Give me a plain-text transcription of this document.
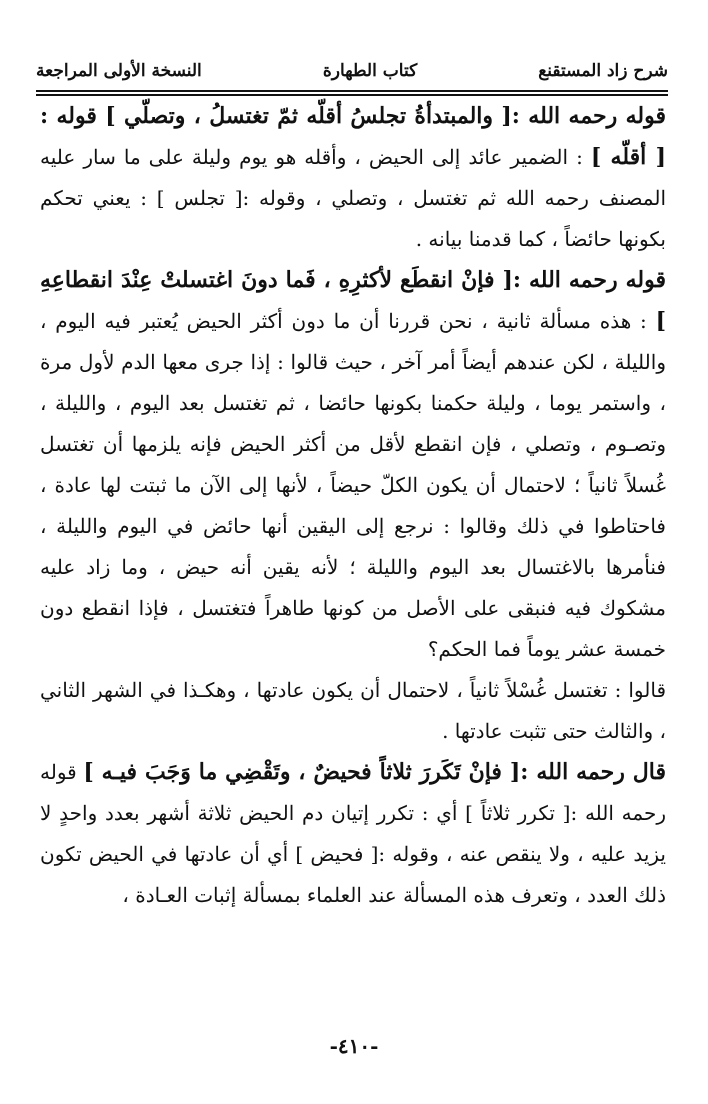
شرح زاد المستقنع
كتاب الطهارة
النسخة الأولى المراجعة

قوله رحمه الله :[ والمبتدأةُ تجلسُ أقلّه ثمّ تغتسلُ ، وتصلّي ] قوله :[ أقلّه ] : الضمير عائد إلى الحيض ، وأقله هو يوم وليلة على ما سار عليه المصنف رحمه الله ثم تغتسل ، وتصلي ، وقوله :[ تجلس ] : يعني تحكم بكونها حائضاً ، كما قدمنا بيانه .

قوله رحمه الله :[ فإنْ انقطَع لأكثرِهِ ، فَما دونَ اغتسلتْ عِنْدَ انقطاعِهِ ] : هذه مسألة ثانية ، نحن قررنا أن ما دون أكثر الحيض يُعتبر فيه اليوم ، والليلة ، لكن عندهم أيضاً أمر آخر ، حيث قالوا : إذا جرى معها الدم لأول مرة ، واستمر يوما ، وليلة حكمنا بكونها حائضا ، ثم تغتسل بعد اليوم ، والليلة ، وتصـوم ، وتصلي ، فإن انقطع لأقل من أكثر الحيض فإنه يلزمها أن تغتسل غُسلاً ثانياً ؛ لاحتمال أن يكون الكلّ حيضاً ، لأنها إلى الآن ما ثبتت لها عادة ، فاحتاطوا في ذلك وقالوا : نرجع إلى اليقين أنها حائض في اليوم والليلة ، فنأمرها بالاغتسال بعد اليوم والليلة ؛ لأنه يقين أنه حيض ، وما زاد عليه مشكوك فيه فنبقى على الأصل من كونها طاهراً فتغتسل ، فإذا انقطع دون خمسة عشر يوماً فما الحكم؟

قالوا : تغتسل غُسْلاً ثانياً ، لاحتمال أن يكون عادتها ، وهكـذا في الشهر الثاني ، والثالث حتى تثبت عادتها .

قال رحمه الله :[ فإنْ تَكَررَ ثلاثاً فحيضٌ ، وتَقْضِي ما وَجَبَ فيـه ] قوله رحمه الله :[ تكرر ثلاثاً ] أي : تكرر إتيان دم الحيض ثلاثة أشهر بعدد واحدٍ لا يزيد عليه ، ولا ينقص عنه ، وقوله :[ فحيض ] أي أن عادتها في الحيض تكون ذلك العدد ، وتعرف هذه المسألة عند العلماء بمسألة إثبات العـادة ،

-٤١٠-
